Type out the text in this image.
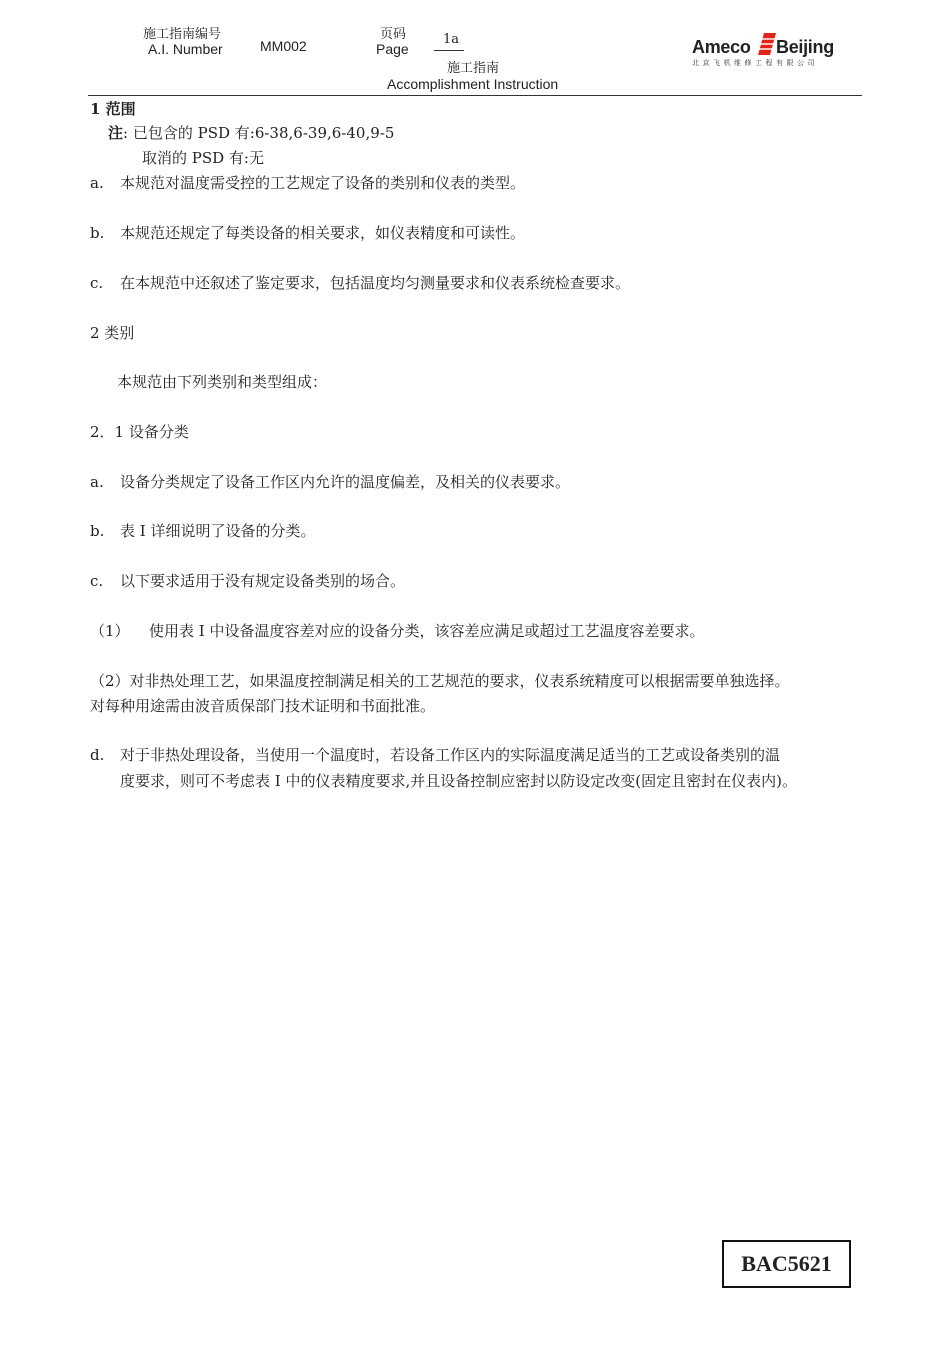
施工指南编号
A.I. Number	MM002
页码
Page
1a
施工指南
Accomplishment Instruction
Ameco Beijing
北京飞机维修工程有限公司
1 范围
注: 已包含的 PSD 有:6-38,6-39,6-40,9-5
取消的 PSD 有:无
a. 本规范对温度需受控的工艺规定了设备的类别和仪表的类型。
b. 本规范还规定了每类设备的相关要求，如仪表精度和可读性。
c. 在本规范中还叙述了鉴定要求，包括温度均匀测量要求和仪表系统检查要求。
2 类别
本规范由下列类别和类型组成：
2．1 设备分类
a. 设备分类规定了设备工作区内允许的温度偏差，及相关的仪表要求。
b. 表 I 详细说明了设备的分类。
c. 以下要求适用于没有规定设备类别的场合。
（1） 使用表 I 中设备温度容差对应的设备分类，该容差应满足或超过工艺温度容差要求。
（2）对非热处理工艺，如果温度控制满足相关的工艺规范的要求，仪表系统精度可以根据需要单独选择。
对每种用途需由波音质保部门技术证明和书面批准。
d. 对于非热处理设备，当使用一个温度时，若设备工作区内的实际温度满足适当的工艺或设备类别的温
度要求，则可不考虑表 I 中的仪表精度要求,并且设备控制应密封以防设定改变(固定且密封在仪表内)。
BAC5621
